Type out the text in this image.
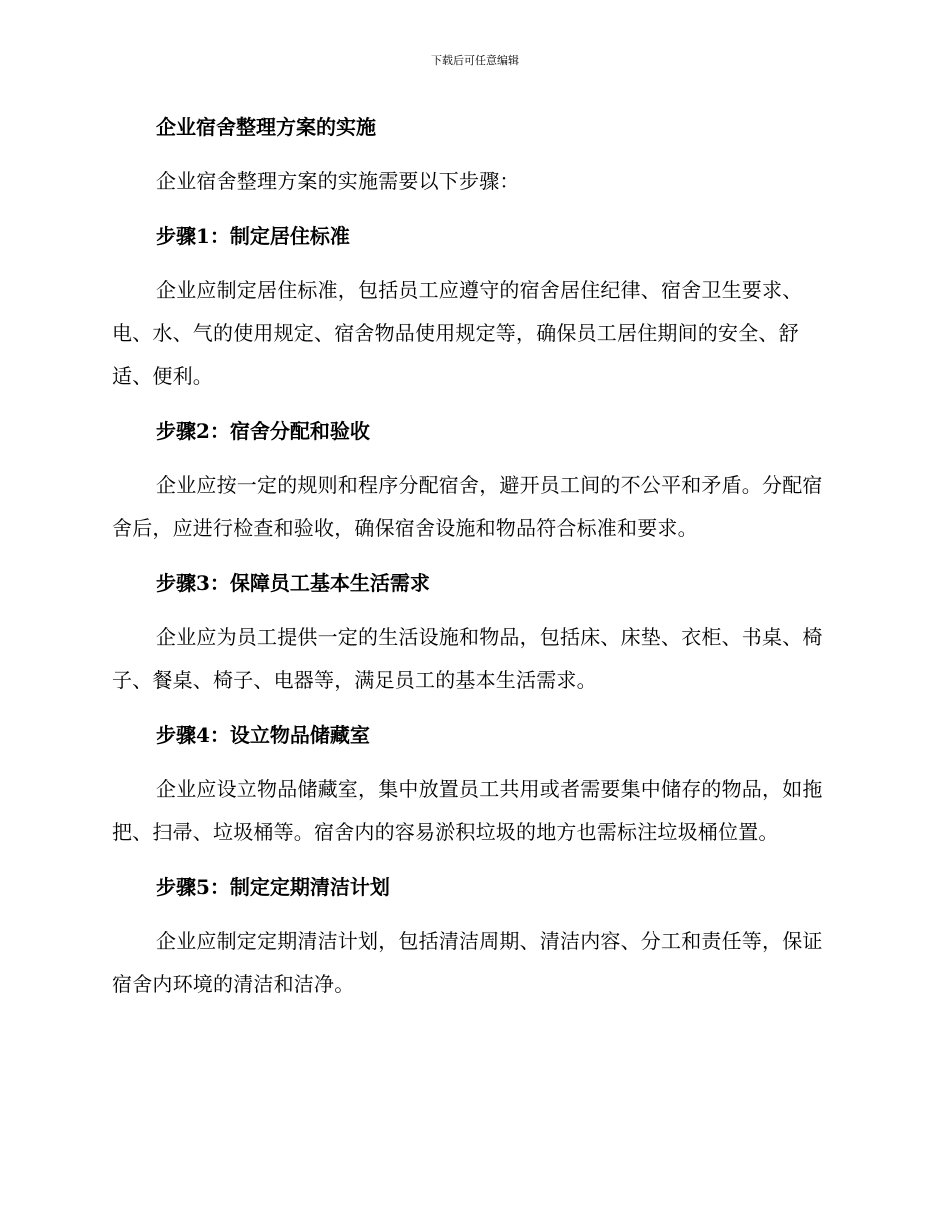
下载后可任意编辑
企业宿舍整理方案的实施
企业宿舍整理方案的实施需要以下步骤：
步骤1：制定居住标准
企业应制定居住标准，包括员工应遵守的宿舍居住纪律、宿舍卫生要求、电、水、气的使用规定、宿舍物品使用规定等，确保员工居住期间的安全、舒适、便利。
步骤2：宿舍分配和验收
企业应按一定的规则和程序分配宿舍，避开员工间的不公平和矛盾。分配宿舍后，应进行检查和验收，确保宿舍设施和物品符合标准和要求。
步骤3：保障员工基本生活需求
企业应为员工提供一定的生活设施和物品，包括床、床垫、衣柜、书桌、椅子、餐桌、椅子、电器等，满足员工的基本生活需求。
步骤4：设立物品储藏室
企业应设立物品储藏室，集中放置员工共用或者需要集中储存的物品，如拖把、扫帚、垃圾桶等。宿舍内的容易淤积垃圾的地方也需标注垃圾桶位置。
步骤5：制定定期清洁计划
企业应制定定期清洁计划，包括清洁周期、清洁内容、分工和责任等，保证宿舍内环境的清洁和洁净。
